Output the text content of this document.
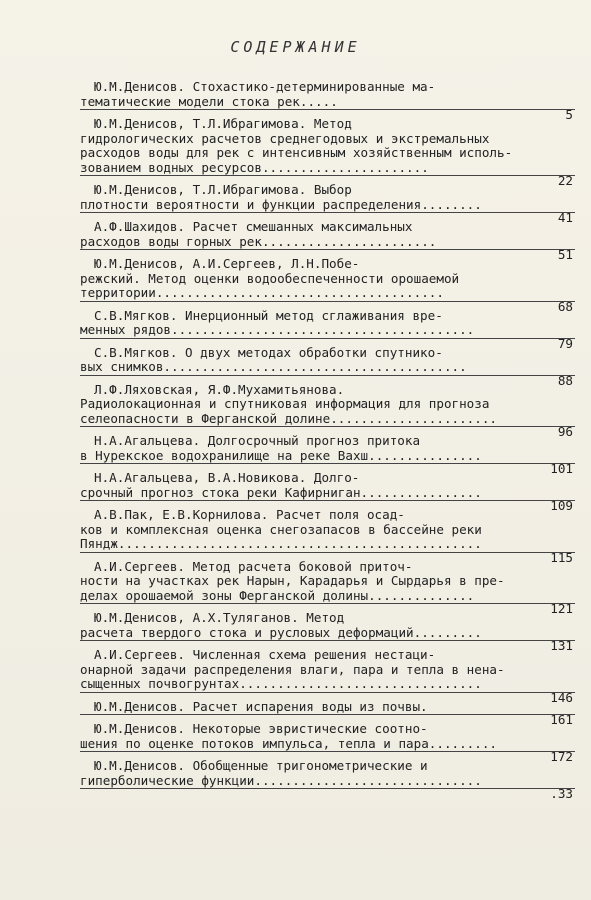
СОДЕРЖАНИЕ
Ю.М.Денисов. Стохастико-детерминированные ма-
тематические модели стока рек.....
5
Ю.М.Денисов, Т.Л.Ибрагимова. Метод
гидрологических расчетов среднегодовых и экстремальных
расходов воды для рек с интенсивным хозяйственным исполь-
зованием водных ресурсов......................
22
Ю.М.Денисов, Т.Л.Ибрагимова. Выбор
плотности вероятности и функции распределения........
41
А.Ф.Шахидов. Расчет смешанных максимальных
расходов воды горных рек.......................
51
Ю.М.Денисов, А.И.Сергеев, Л.Н.Побе-
режский. Метод оценки водообеспеченности орошаемой
территории......................................
68
С.В.Мягков. Инерционный метод сглаживания вре-
менных рядов........................................
79
С.В.Мягков. О двух методах обработки спутнико-
вых снимков........................................
88
Л.Ф.Ляховская, Я.Ф.Мухамитьянова.
Радиолокационная и спутниковая информация для прогноза
селеопасности в Ферганской долине......................
96
Н.А.Агальцева. Долгосрочный прогноз притока
в Нурекское водохранилище на реке Вахш...............
101
Н.А.Агальцева, В.А.Новикова. Долго-
срочный прогноз стока реки Кафирниган................
109
А.В.Пак, Е.В.Корнилова. Расчет поля осад-
ков и комплексная оценка снегозапасов в бассейне реки
Пяндж................................................
115
А.И.Сергеев. Метод расчета боковой приточ-
ности на участках рек Нарын, Карадарья и Сырдарья в пре-
делах орошаемой зоны Ферганской долины..............
121
Ю.М.Денисов, А.Х.Туляганов. Метод
расчета твердого стока и русловых деформаций.........
131
А.И.Сергеев. Численная схема решения нестаци-
онарной задачи распределения влаги, пара и тепла в нена-
сыщенных почвогрунтах................................
146
Ю.М.Денисов. Расчет испарения воды из почвы.
161
Ю.М.Денисов. Некоторые эвристические соотно-
шения по оценке потоков импульса, тепла и пара.........
172
Ю.М.Денисов. Обобщенные тригонометрические и
гиперболические функции..............................
.33
